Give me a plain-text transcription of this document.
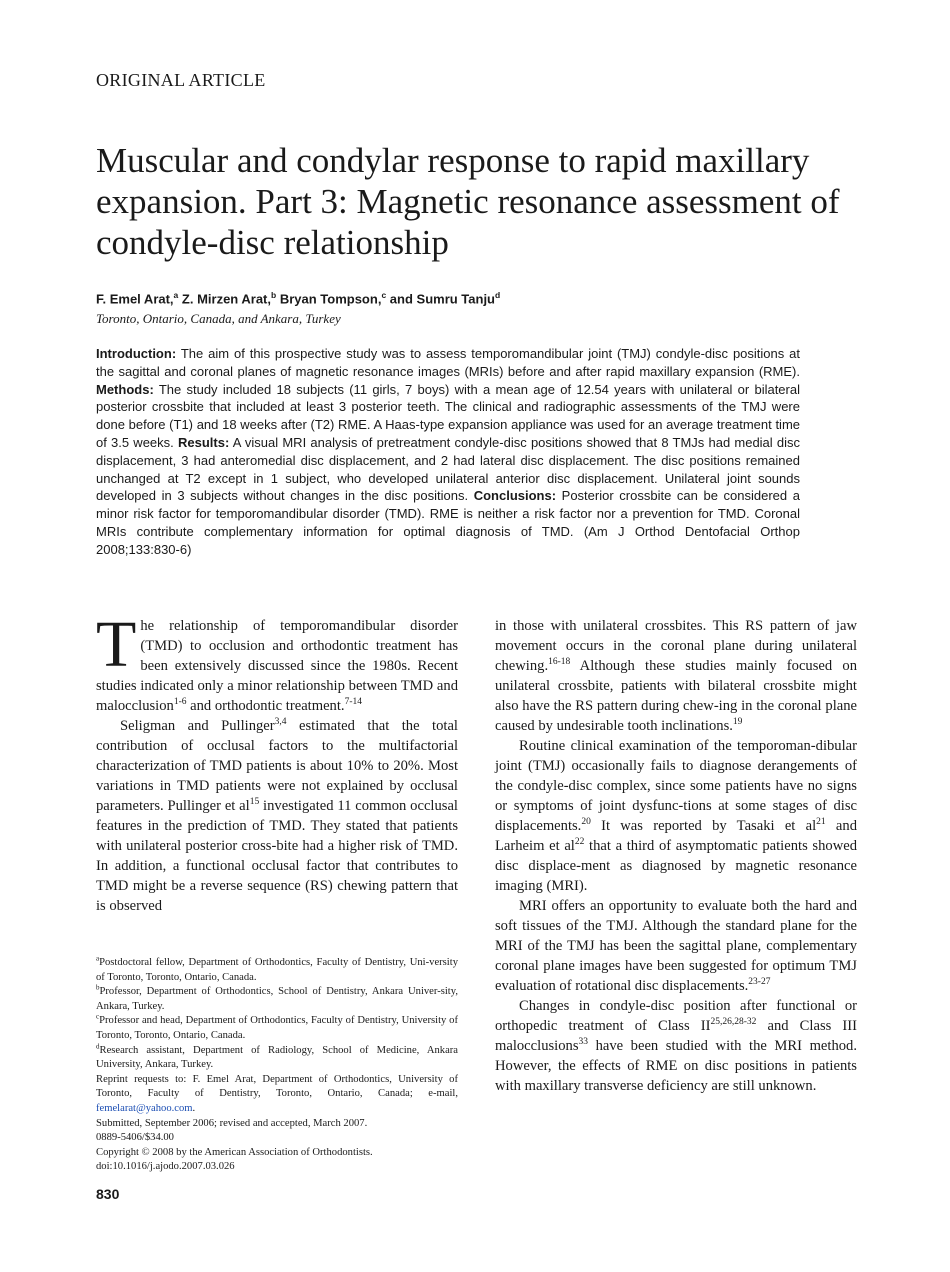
ORIGINAL ARTICLE
Muscular and condylar response to rapid maxillary expansion. Part 3: Magnetic resonance assessment of condyle-disc relationship
F. Emel Arat,$^a$ Z. Mirzen Arat,$^b$ Bryan Tompson,$^c$ and Sumru Tanju$^d$
Toronto, Ontario, Canada, and Ankara, Turkey

Introduction: The aim of this prospective study was to assess temporomandibular joint (TMJ) condyle-disc positions at the sagittal and coronal planes of magnetic resonance images (MRIs) before and after rapid maxillary expansion (RME). Methods: The study included 18 subjects (11 girls, 7 boys) with a mean age of 12.54 years with unilateral or bilateral posterior crossbite that included at least 3 posterior teeth. The clinical and radiographic assessments of the TMJ were done before (T1) and 18 weeks after (T2) RME. A Haas-type expansion appliance was used for an average treatment time of 3.5 weeks. Results: A visual MRI analysis of pretreatment condyle-disc positions showed that 8 TMJs had medial disc displacement, 3 had anteromedial disc displacement, and 2 had lateral disc displacement. The disc positions remained unchanged at T2 except in 1 subject, who developed unilateral anterior disc displacement. Unilateral joint sounds developed in 3 subjects without changes in the disc positions. Conclusions: Posterior crossbite can be considered a minor risk factor for temporomandibular disorder (TMD). RME is neither a risk factor nor a prevention for TMD. Coronal MRIs contribute complementary information for optimal diagnosis of TMD. (Am J Orthod Dentofacial Orthop 2008;133:830-6)

The relationship of temporomandibular disorder (TMD) to occlusion and orthodontic treatment has been extensively discussed since the 1980s. Recent studies indicated only a minor relationship between TMD and malocclusion$^{1-6}$ and orthodontic treatment.$^{7-14}$

Seligman and Pullinger$^{3,4}$ estimated that the total contribution of occlusal factors to the multifactorial characterization of TMD patients is about 10% to 20%. Most variations in TMD patients were not explained by occlusal parameters. Pullinger et al$^{15}$ investigated 11 common occlusal features in the prediction of TMD. They stated that patients with unilateral posterior cross-bite had a higher risk of TMD. In addition, a functional occlusal factor that contributes to TMD might be a reverse sequence (RS) chewing pattern that is observed

$^a$Postdoctoral fellow, Department of Orthodontics, Faculty of Dentistry, Uni-versity of Toronto, Toronto, Ontario, Canada.
$^b$Professor, Department of Orthodontics, School of Dentistry, Ankara Univer-sity, Ankara, Turkey.
$^c$Professor and head, Department of Orthodontics, Faculty of Dentistry, University of Toronto, Toronto, Ontario, Canada.
$^d$Research assistant, Department of Radiology, School of Medicine, Ankara University, Ankara, Turkey.
Reprint requests to: F. Emel Arat, Department of Orthodontics, University of Toronto, Faculty of Dentistry, Toronto, Ontario, Canada; e-mail, femelarat@yahoo.com.
Submitted, September 2006; revised and accepted, March 2007.
0889-5406/$34.00
Copyright © 2008 by the American Association of Orthodontists.
doi:10.1016/j.ajodo.2007.03.026
830

in those with unilateral crossbites. This RS pattern of jaw movement occurs in the coronal plane during unilateral chewing.$^{16-18}$ Although these studies mainly focused on unilateral crossbite, patients with bilateral crossbite might also have the RS pattern during chew-ing in the coronal plane caused by undesirable tooth inclinations.$^{19}$

Routine clinical examination of the temporoman-dibular joint (TMJ) occasionally fails to diagnose derangements of the condyle-disc complex, since some patients have no signs or symptoms of joint dysfunc-tions at some stages of disc displacements.$^{20}$ It was reported by Tasaki et al$^{21}$ and Larheim et al$^{22}$ that a third of asymptomatic patients showed disc displace-ment as diagnosed by magnetic resonance imaging (MRI).

MRI offers an opportunity to evaluate both the hard and soft tissues of the TMJ. Although the standard plane for the MRI of the TMJ has been the sagittal plane, complementary coronal plane images have been suggested for optimum TMJ evaluation of rotational disc displacements.$^{23-27}$

Changes in condyle-disc position after functional or orthopedic treatment of Class II$^{25,26,28-32}$ and Class III malocclusions$^{33}$ have been studied with the MRI method. However, the effects of RME on disc positions in patients with maxillary transverse deficiency are still unknown.
